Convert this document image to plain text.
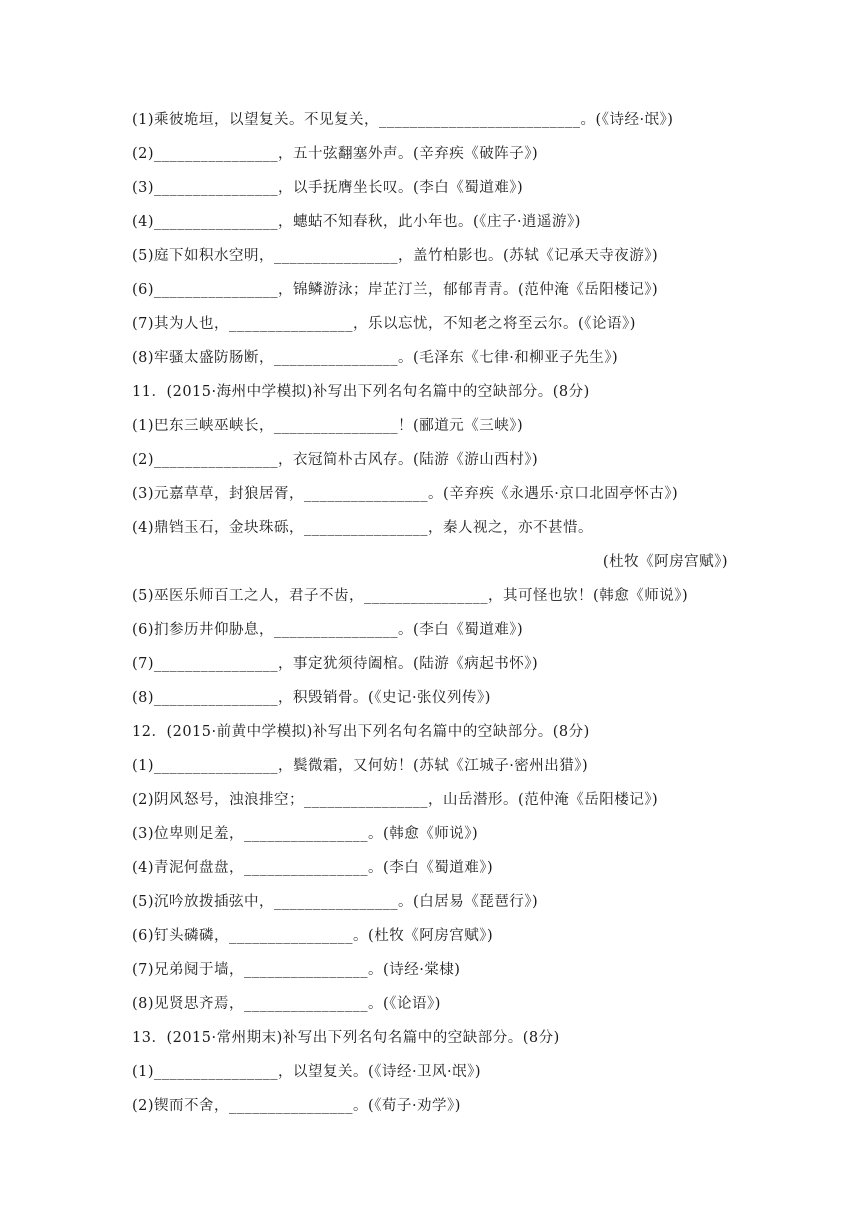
(1)乘彼垝垣，以望复关。不见复关，__________________________。(《诗经·氓》)
(2)________________，五十弦翻塞外声。(辛弃疾《破阵子》)
(3)________________，以手抚膺坐长叹。(李白《蜀道难》)
(4)________________，蟪蛄不知春秋，此小年也。(《庄子·逍遥游》)
(5)庭下如积水空明，________________，盖竹柏影也。(苏轼《记承天寺夜游》)
(6)________________，锦鳞游泳；岸芷汀兰，郁郁青青。(范仲淹《岳阳楼记》)
(7)其为人也，________________，乐以忘忧，不知老之将至云尔。(《论语》)
(8)牢骚太盛防肠断，________________。(毛泽东《七律·和柳亚子先生》)
11．(2015·海州中学模拟)补写出下列名句名篇中的空缺部分。(8分)
(1)巴东三峡巫峡长，________________！(郦道元《三峡》)
(2)________________，衣冠简朴古风存。(陆游《游山西村》)
(3)元嘉草草，封狼居胥，________________。(辛弃疾《永遇乐·京口北固亭怀古》)
(4)鼎铛玉石，金块珠砾，________________，秦人视之，亦不甚惜。
(杜牧《阿房宫赋》)
(5)巫医乐师百工之人，君子不齿，________________，其可怪也欤！(韩愈《师说》)
(6)扪参历井仰胁息，________________。(李白《蜀道难》)
(7)________________，事定犹须待阖棺。(陆游《病起书怀》)
(8)________________，积毁销骨。(《史记·张仪列传》)
12．(2015·前黄中学模拟)补写出下列名句名篇中的空缺部分。(8分)
(1)________________，鬓微霜，又何妨！(苏轼《江城子·密州出猎》)
(2)阴风怒号，浊浪排空；________________，山岳潜形。(范仲淹《岳阳楼记》)
(3)位卑则足羞，________________。(韩愈《师说》)
(4)青泥何盘盘，________________。(李白《蜀道难》)
(5)沉吟放拨插弦中，________________。(白居易《琵琶行》)
(6)钉头磷磷，________________。(杜牧《阿房宫赋》)
(7)兄弟阋于墙，________________。(诗经·棠棣)
(8)见贤思齐焉，________________。(《论语》)
13．(2015·常州期末)补写出下列名句名篇中的空缺部分。(8分)
(1)________________，以望复关。(《诗经·卫风·氓》)
(2)锲而不舍，________________。(《荀子·劝学》)
